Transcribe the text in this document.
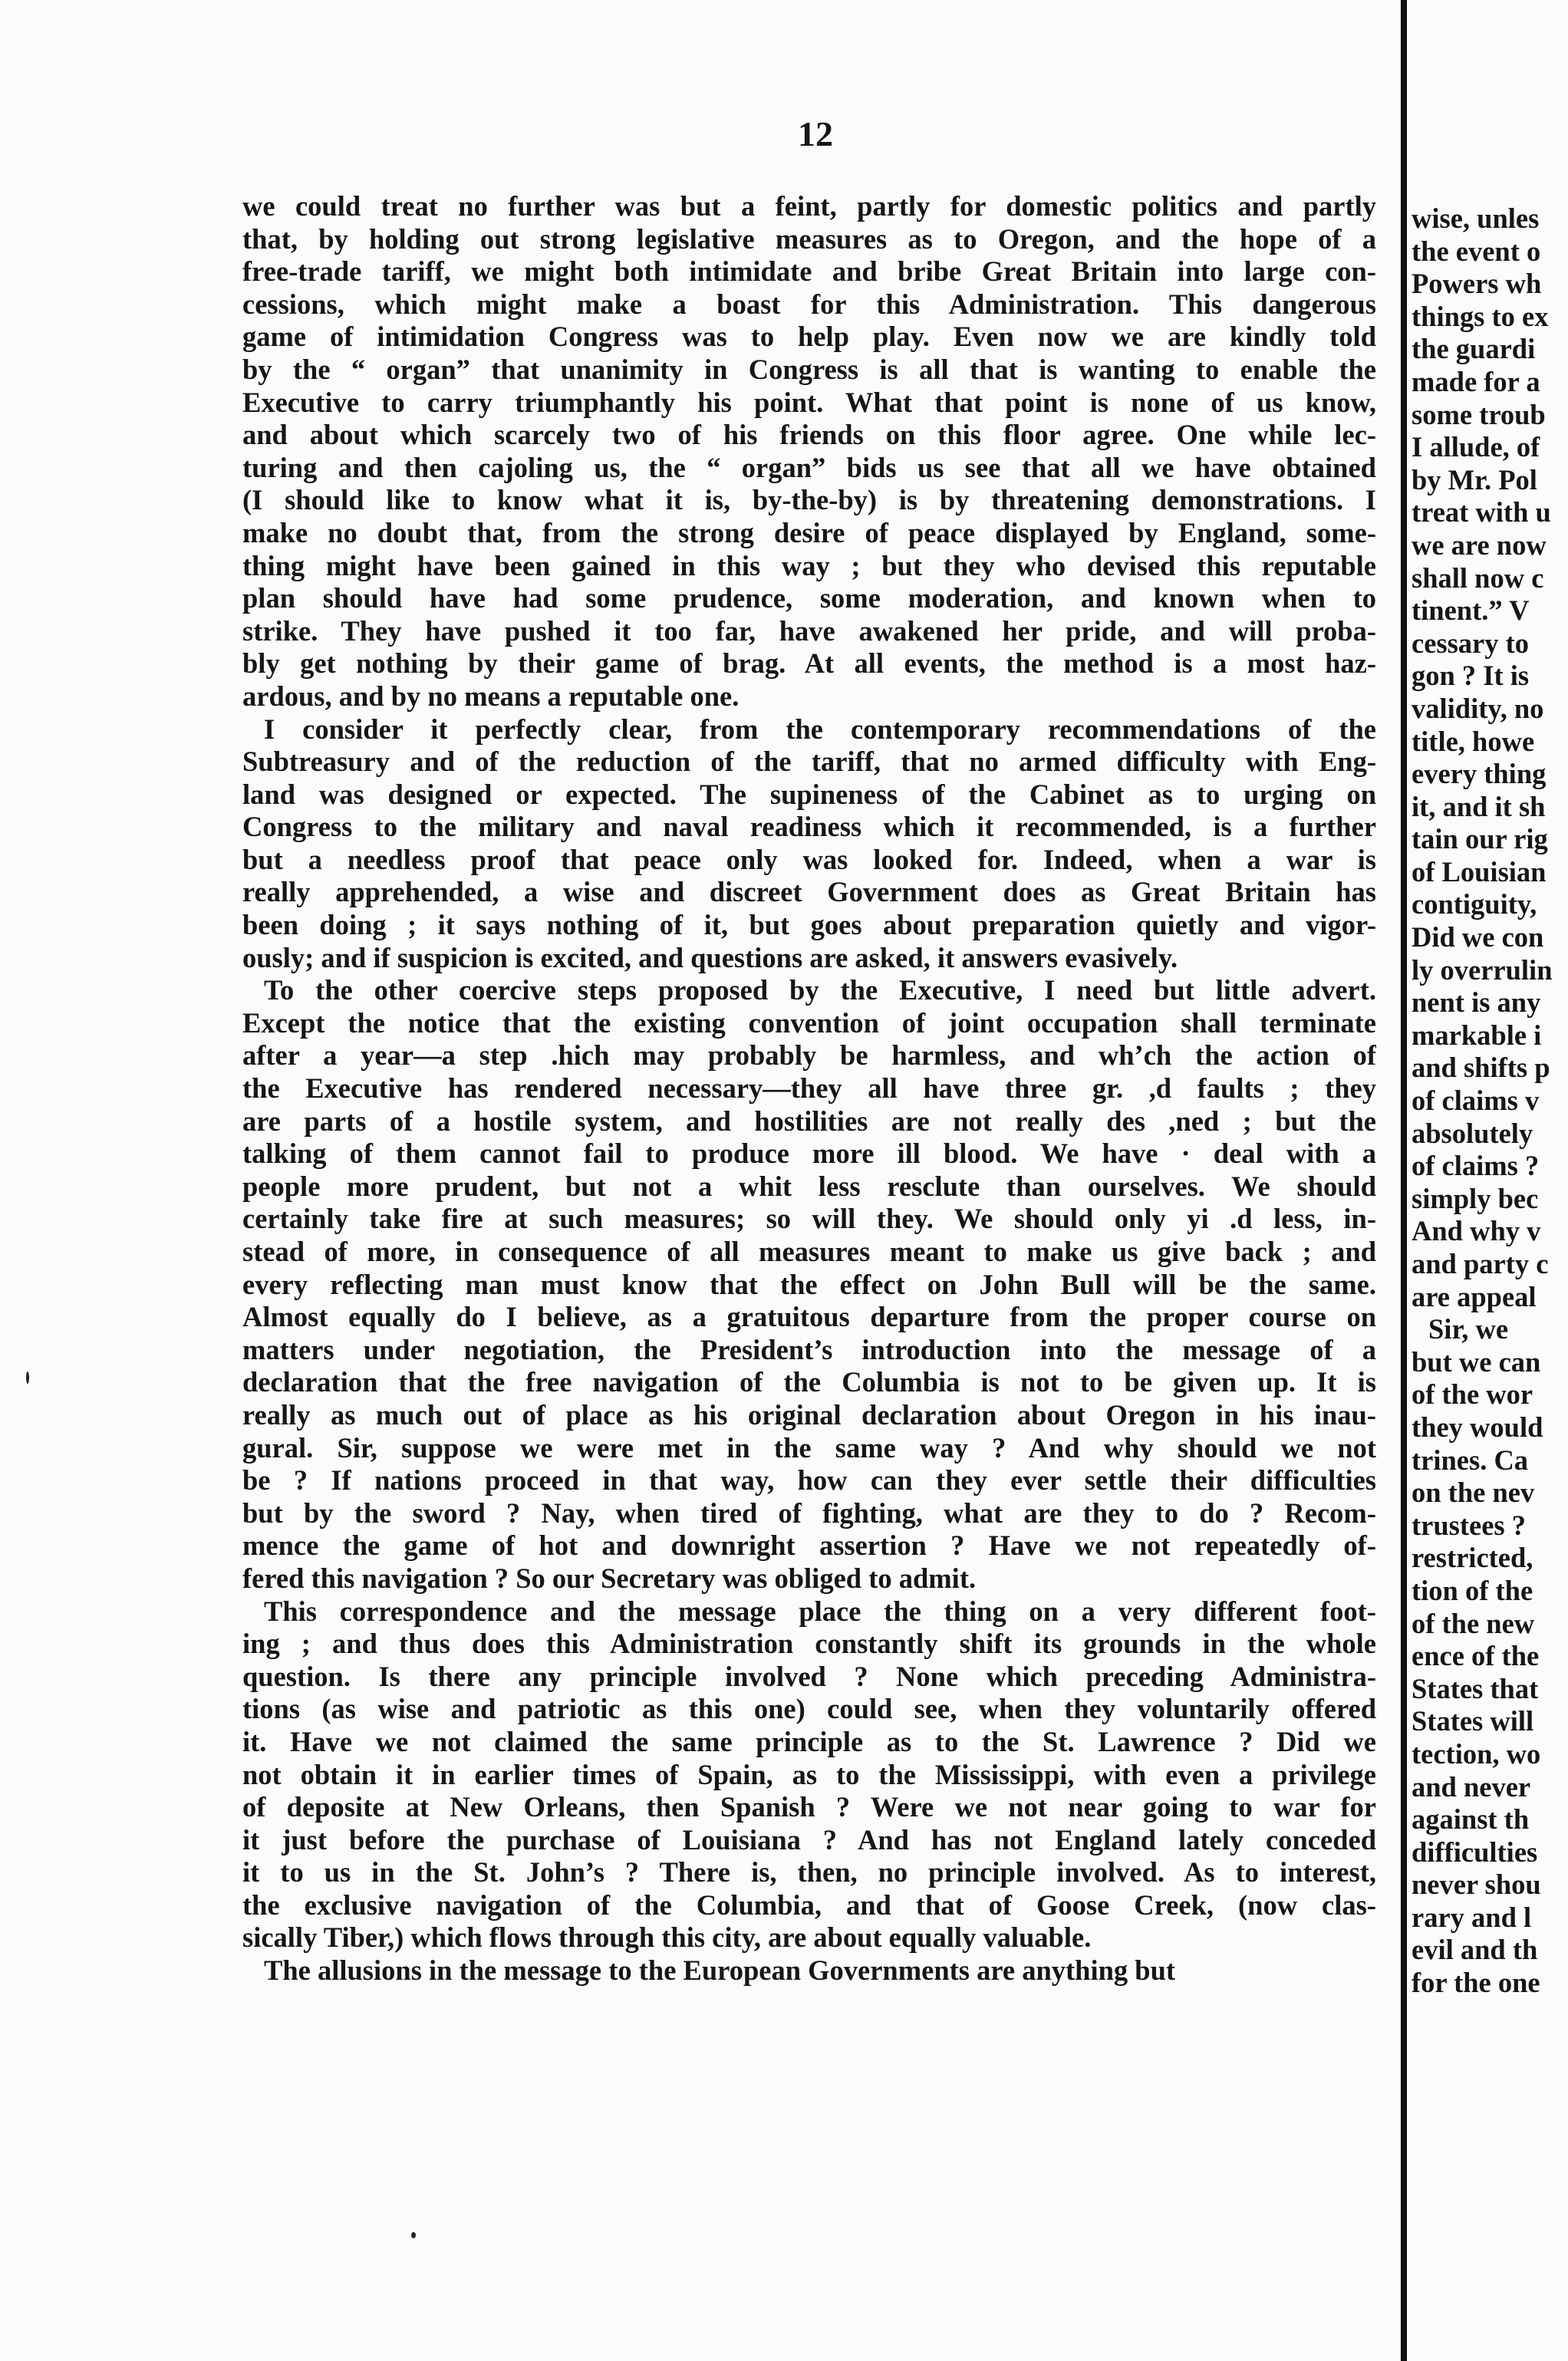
12
we could treat no further was but a feint, partly for domestic politics and partly
that, by holding out strong legislative measures as to Oregon, and the hope of a
free-trade tariff, we might both intimidate and bribe Great Britain into large con-
cessions, which might make a boast for this Administration. This dangerous
game of intimidation Congress was to help play. Even now we are kindly told
by the “ organ” that unanimity in Congress is all that is wanting to enable the
Executive to carry triumphantly his point. What that point is none of us know,
and about which scarcely two of his friends on this floor agree. One while lec-
turing and then cajoling us, the “ organ” bids us see that all we have obtained
(I should like to know what it is, by-the-by) is by threatening demonstrations. I
make no doubt that, from the strong desire of peace displayed by England, some-
thing might have been gained in this way ; but they who devised this reputable
plan should have had some prudence, some moderation, and known when to
strike. They have pushed it too far, have awakened her pride, and will proba-
bly get nothing by their game of brag. At all events, the method is a most haz-
ardous, and by no means a reputable one.
I consider it perfectly clear, from the contemporary recommendations of the
Subtreasury and of the reduction of the tariff, that no armed difficulty with Eng-
land was designed or expected. The supineness of the Cabinet as to urging on
Congress to the military and naval readiness which it recommended, is a further
but a needless proof that peace only was looked for. Indeed, when a war is
really apprehended, a wise and discreet Government does as Great Britain has
been doing ; it says nothing of it, but goes about preparation quietly and vigor-
ously; and if suspicion is excited, and questions are asked, it answers evasively.
To the other coercive steps proposed by the Executive, I need but little advert.
Except the notice that the existing convention of joint occupation shall terminate
after a year—a step .hich may probably be harmless, and wh’ch the action of
the Executive has rendered necessary—they all have three gr. ,d faults ; they
are parts of a hostile system, and hostilities are not really des ,ned ; but the
talking of them cannot fail to produce more ill blood. We have · deal with a
people more prudent, but not a whit less resclute than ourselves. We should
certainly take fire at such measures; so will they. We should only yi .d less, in-
stead of more, in consequence of all measures meant to make us give back ; and
every reflecting man must know that the effect on John Bull will be the same.
Almost equally do I believe, as a gratuitous departure from the proper course on
matters under negotiation, the President’s introduction into the message of a
declaration that the free navigation of the Columbia is not to be given up. It is
really as much out of place as his original declaration about Oregon in his inau-
gural. Sir, suppose we were met in the same way ? And why should we not
be ? If nations proceed in that way, how can they ever settle their difficulties
but by the sword ? Nay, when tired of fighting, what are they to do ? Recom-
mence the game of hot and downright assertion ? Have we not repeatedly of-
fered this navigation ? So our Secretary was obliged to admit.
This correspondence and the message place the thing on a very different foot-
ing ; and thus does this Administration constantly shift its grounds in the whole
question. Is there any principle involved ? None which preceding Administra-
tions (as wise and patriotic as this one) could see, when they voluntarily offered
it. Have we not claimed the same principle as to the St. Lawrence ? Did we
not obtain it in earlier times of Spain, as to the Mississippi, with even a privilege
of deposite at New Orleans, then Spanish ? Were we not near going to war for
it just before the purchase of Louisiana ? And has not England lately conceded
it to us in the St. John’s ? There is, then, no principle involved. As to interest,
the exclusive navigation of the Columbia, and that of Goose Creek, (now clas-
sically Tiber,) which flows through this city, are about equally valuable.
The allusions in the message to the European Governments are anything but
wise, unles
the event o
Powers wh
things to ex
the guardi
made for a
some troub
I allude, of
by Mr. Pol
treat with u
we are now
shall now c
tinent.” V
cessary to
gon ? It is
validity, no
title, howe
every thing
it, and it sh
tain our rig
of Louisian
contiguity,
Did we con
ly overrulin
nent is any
markable i
and shifts p
of claims v
absolutely
of claims ?
simply bec
And why v
and party c
are appeal
Sir, we
but we can
of the wor
they would
trines. Ca
on the nev
trustees ?
restricted,
tion of the
of the new
ence of the
States that
States will
tection, wo
and never
against th
difficulties
never shou
rary and l
evil and th
for the one
